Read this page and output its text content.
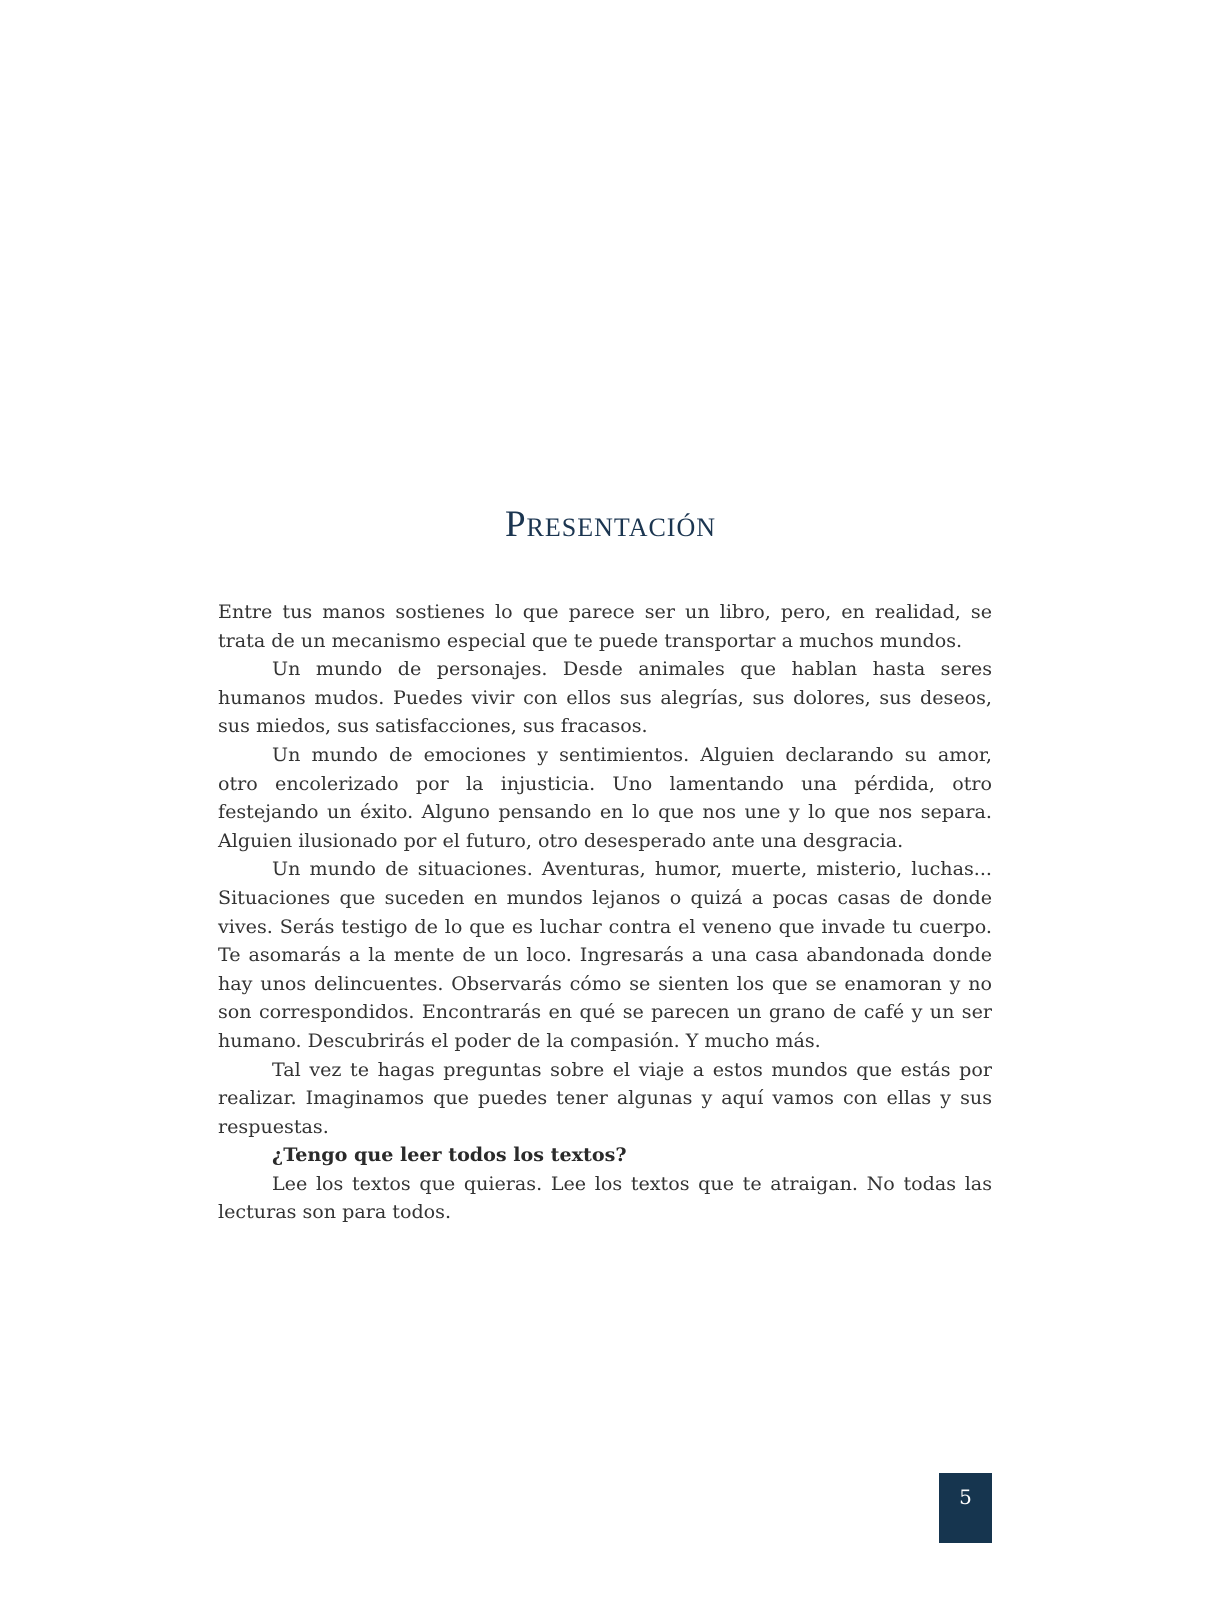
Presentación

Entre tus manos sostienes lo que parece ser un libro, pero, en realidad, se trata de un mecanismo especial que te puede transportar a muchos mundos.

Un mundo de personajes. Desde animales que hablan hasta seres humanos mudos. Puedes vivir con ellos sus alegrías, sus dolores, sus deseos, sus miedos, sus satisfacciones, sus fracasos.

Un mundo de emociones y sentimientos. Alguien declarando su amor, otro encolerizado por la injusticia. Uno lamentando una pérdida, otro festejando un éxito. Alguno pensando en lo que nos une y lo que nos separa. Alguien ilusionado por el futuro, otro desesperado ante una desgracia.

Un mundo de situaciones. Aventuras, humor, muerte, misterio, luchas... Situaciones que suceden en mundos lejanos o quizá a pocas casas de donde vives. Serás testigo de lo que es luchar contra el veneno que invade tu cuerpo. Te asomarás a la mente de un loco. Ingresarás a una casa abandonada donde hay unos delincuentes. Observarás cómo se sienten los que se enamoran y no son correspondidos. Encontrarás en qué se parecen un grano de café y un ser humano. Descubrirás el poder de la compasión. Y mucho más.

Tal vez te hagas preguntas sobre el viaje a estos mundos que estás por realizar. Imaginamos que puedes tener algunas y aquí vamos con ellas y sus respuestas.

¿Tengo que leer todos los textos?

Lee los textos que quieras. Lee los textos que te atraigan. No todas las lecturas son para todos.

5
